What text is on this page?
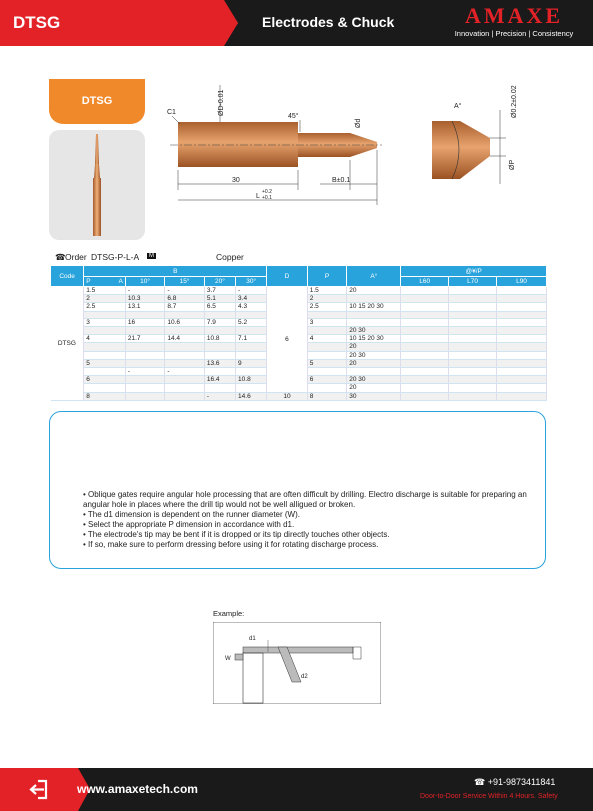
DTSG	Electrodes & Chuck	AMAXE
Innovation | Precision | Consistency
DTSG	ØD-0.01
C1
45°
Ød
30	B±0.1
L
+0.2
+0.1
Ø0.2±0.02
ØP
A°
☎ Order DTSG-P-L-A	M	Copper
Code	B					D	P	A°	@¥/P		
	P A	10°	15°	20°	30°				L60	L70	L90
DTSG	1.5	-	-	3.7	-	6	1.5	20			
	2	10.3	6.8	5.1	3.4		2				
	2.5	13.1	8.7	6.5	4.3		2.5	10 15 20 30			

	3	16	10.6	7.9	5.2		3				
								20 30			
	4	21.7	14.4	10.8	7.1		4	10 15 20 30			
								20			
								20 30			
	5			13.6	9		5	20			
		-	-								
	6			16.4	10.8		6	20 30			
								20			
	8			-	14.6	10	8	30			
• Oblique gates require angular hole processing that are often difficult by drilling. Electro discharge is suitable for preparing an angular hole in places where the drill tip would not be well alligued or broken.
• The d1 dimension is dependent on the runner diameter (W).
• Select the appropriate P dimension in accordance with d1.
• The electrode's tip may be bent if it is dropped or its tip directly touches other objects.
• If so, make sure to perform dressing before using it for rotating discharge process.
Example:
d1
W
d2
www.amaxetech.com	☎ +91-9873411841
Door-to-Door Service Within 4 Hours. Safety
